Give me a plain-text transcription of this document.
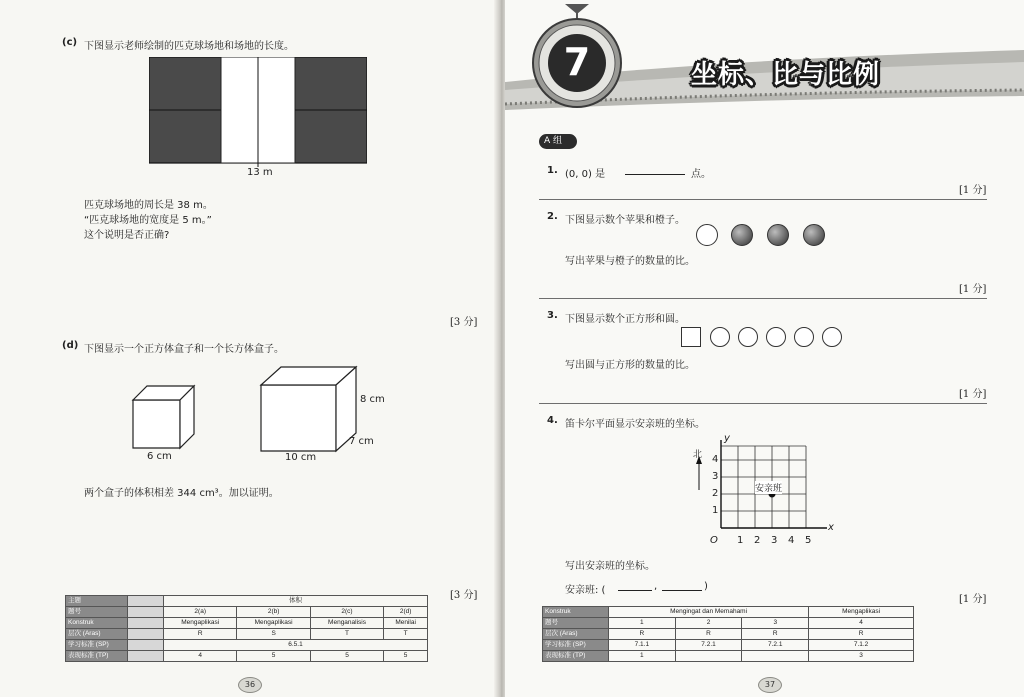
(c) 下图显示老师绘制的匹克球场地和场地的长度。
13 m
匹克球场地的周长是 38 m。
“匹克球场地的宽度是 5 m。”
这个说明是否正确?
[3 分]
(d) 下图显示一个正方体盒子和一个长方体盒子。
6 cm	10 cm
7 cm
8 cm
两个盒子的体积相差 344 cm³。加以证明。
[3 分]
主题		体积			
题号		2(a)	2(b)	2(c)	2(d)
Konstruk		Mengaplikasi	Mengaplikasi	Menganalisis	Menilai
层次 (Aras)		R	S	T	T
学习标准 (SP)		6.5.1			
表现标准 (TP)		4	5	5	5
36
7	坐标、比与比例
A 组
1. (0, 0) 是	点。
[1 分]
2. 下图显示数个苹果和橙子。
写出苹果与橙子的数量的比。
[1 分]
3. 下图显示数个正方形和圆。
写出圆与正方形的数量的比。
[1 分]
4. 笛卡尔平面显示安亲班的坐标。
北
y
x
O 1 2 3 4 5
1
2
3
4
安亲班
写出安亲班的坐标。
安亲班: (	,	)
[1 分]
Konstruk	Mengingat dan Memahami			Mengaplikasi
题号	1	2	3	4
层次 (Aras)	R	R	R	R
学习标准 (SP)	7.1.1	7.2.1	7.2.1	7.1.2
表现标准 (TP)	1			3
37
